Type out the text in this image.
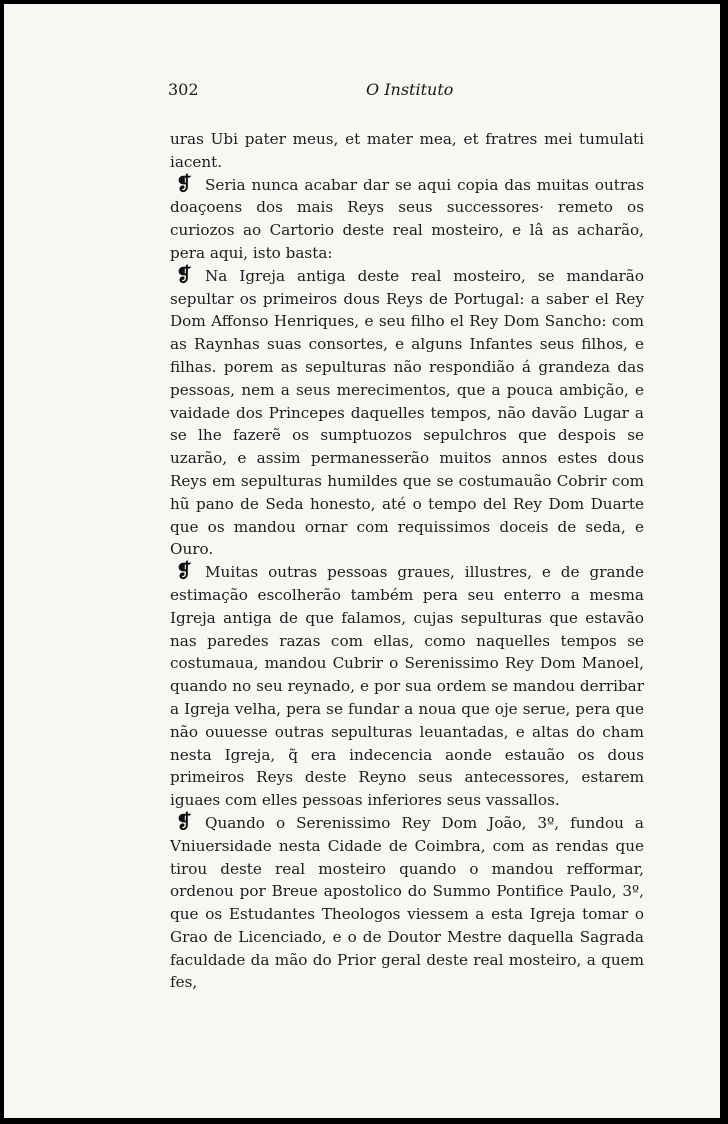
302	O Instituto

uras Ubi pater meus, et mater mea, et fratres mei tumulati iacent.

❡ Seria nunca acabar dar se aqui copia das muitas outras doaçoens dos mais Reys seus successores· remeto os curiozos ao Cartorio deste real mosteiro, e lâ as acharão, pera aqui, isto basta:

❡ Na Igreja antiga deste real mosteiro, se mandarão sepultar os primeiros dous Reys de Portugal: a saber el Rey Dom Affonso Henriques, e seu filho el Rey Dom Sancho: com as Raynhas suas consortes, e alguns Infantes seus filhos, e filhas. porem as sepulturas não respondião á grandeza das pessoas, nem a seus merecimentos, que a pouca ambição, e vaidade dos Princepes daquelles tempos, não davão Lugar a se lhe fazerẽ os sumptuozos sepulchros que despois se uzarão, e assim permanesserão muitos annos estes dous Reys em sepulturas humildes que se costumauão Cobrir com hũ pano de Seda honesto, até o tempo del Rey Dom Duarte que os mandou ornar com requissimos doceis de seda, e Ouro.

❡ Muitas outras pessoas graues, illustres, e de grande estimação escolherão também pera seu enterro a mesma Igreja antiga de que falamos, cujas sepulturas que estavão nas paredes razas com ellas, como naquelles tempos se costumaua, mandou Cubrir o Serenissimo Rey Dom Manoel, quando no seu reynado, e por sua ordem se mandou derribar a Igreja velha, pera se fundar a noua que oje serue, pera que não ouuesse outras sepulturas leuantadas, e altas do cham nesta Igreja, q̃ era indecencia aonde estauão os dous primeiros Reys deste Reyno seus antecessores, estarem iguaes com elles pessoas inferiores seus vassallos.

❡ Quando o Serenissimo Rey Dom João, 3º, fundou a Vniuersidade nesta Cidade de Coimbra, com as rendas que tirou deste real mosteiro quando o mandou refformar, ordenou por Breue apostolico do Summo Pontifice Paulo, 3º, que os Estudantes Theologos viessem a esta Igreja tomar o Grao de Licenciado, e o de Doutor Mestre daquella Sagrada faculdade da mão do Prior geral deste real mosteiro, a quem fes,
